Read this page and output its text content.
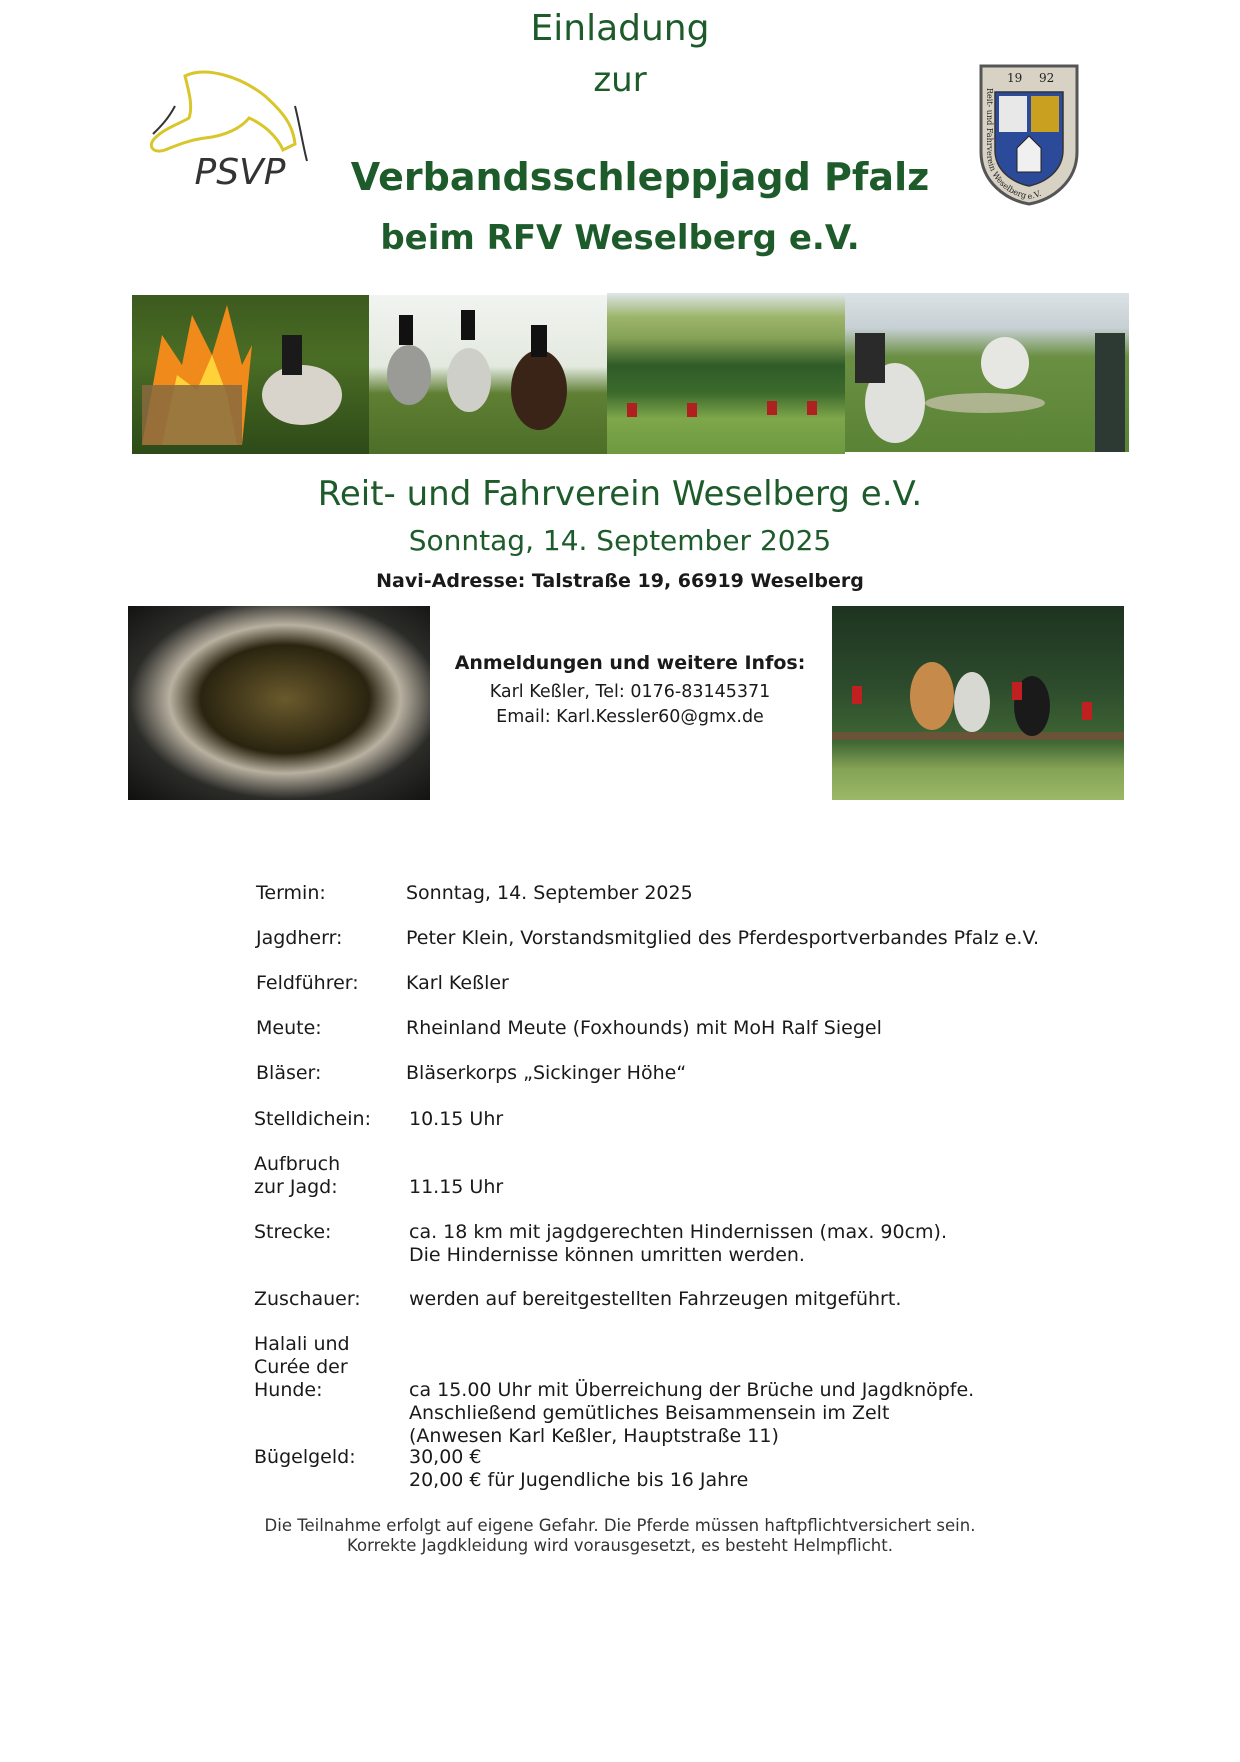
Einladung
zur
Verbandsschleppjagd Pfalz
beim RFV Weselberg e.V.
PSVP
19 92
Reit- und Fahrverein Weselberg e.V.
Reit- und Fahrverein Weselberg e.V.
Sonntag, 14. September 2025
Navi-Adresse: Talstraße 19, 66919 Weselberg
Anmeldungen und weitere Infos:
Karl Keßler, Tel: 0176-83145371
Email: Karl.Kessler60@gmx.de
Termin:	Sonntag, 14. September 2025
Jagdherr:	Peter Klein, Vorstandsmitglied des Pferdesportverbandes Pfalz e.V.
Feldführer: Karl Keßler
Meute:	Rheinland Meute (Foxhounds) mit MoH Ralf Siegel
Bläser:	Bläserkorps „Sickinger Höhe“
Stelldichein: 10.15 Uhr
Aufbruch
zur Jagd:	11.15 Uhr
Strecke:	ca. 18 km mit jagdgerechten Hindernissen (max. 90cm).
Die Hindernisse können umritten werden.
Zuschauer:	werden auf bereitgestellten Fahrzeugen mitgeführt.
Halali und
Curée der
Hunde:	ca 15.00 Uhr mit Überreichung der Brüche und Jagdknöpfe.
Anschließend gemütliches Beisammensein im Zelt
(Anwesen Karl Keßler, Hauptstraße 11)
Bügelgeld:	30,00 €
20,00 € für Jugendliche bis 16 Jahre
Die Teilnahme erfolgt auf eigene Gefahr. Die Pferde müssen haftpflichtversichert sein.
Korrekte Jagdkleidung wird vorausgesetzt, es besteht Helmpflicht.
